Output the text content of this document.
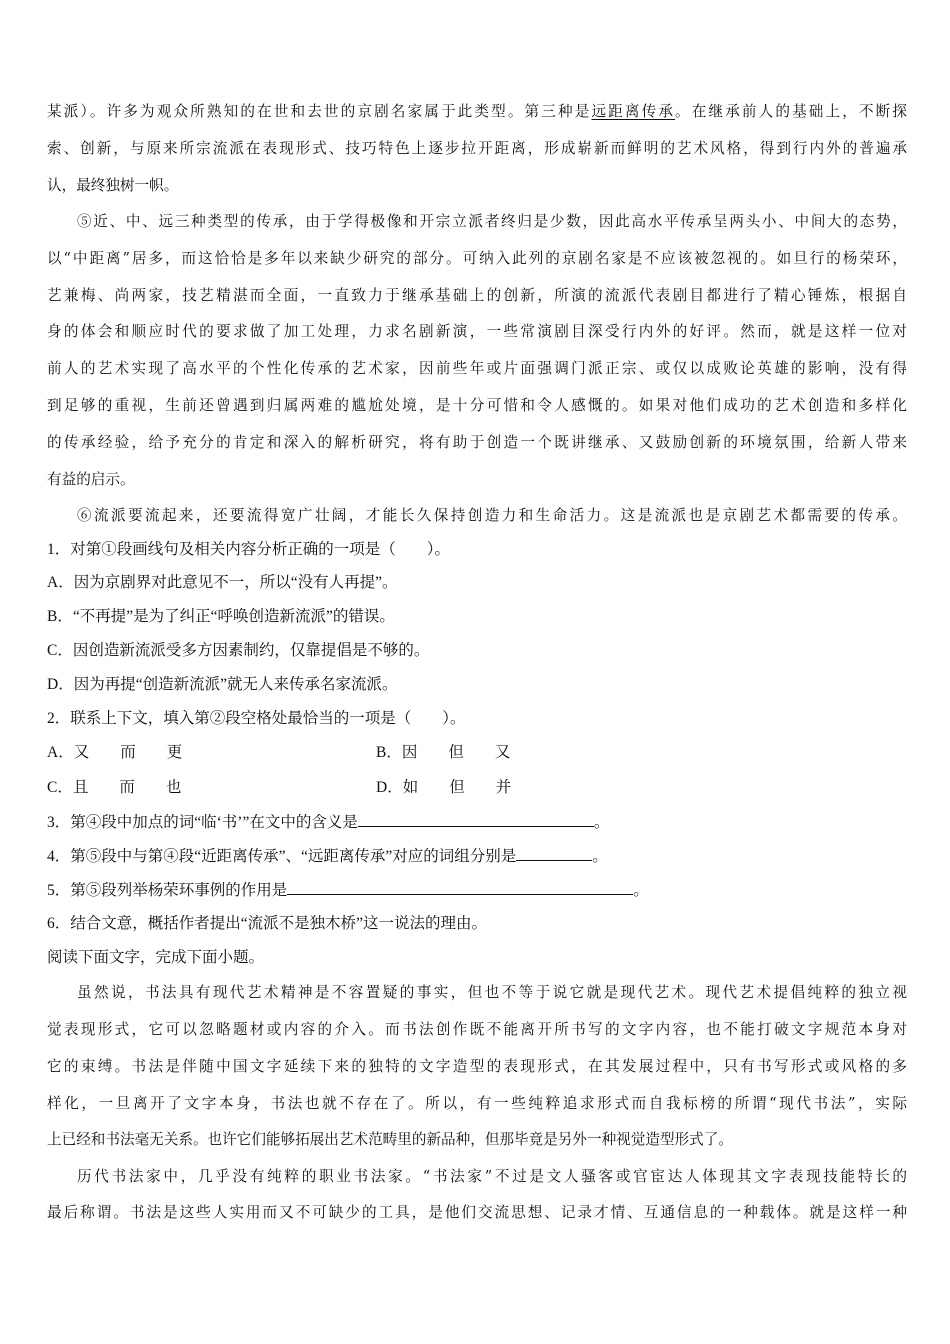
某派）。许多为观众所熟知的在世和去世的京剧名家属于此类型。第三种是远距离传承。在继承前人的基础上，不断探
索、创新，与原来所宗流派在表现形式、技巧特色上逐步拉开距离，形成崭新而鲜明的艺术风格，得到行内外的普遍承
认，最终独树一帜。
⑤近、中、远三种类型的传承，由于学得极像和开宗立派者终归是少数，因此高水平传承呈两头小、中间大的态势，
以“中距离”居多，而这恰恰是多年以来缺少研究的部分。可纳入此列的京剧名家是不应该被忽视的。如旦行的杨荣环，
艺兼梅、尚两家，技艺精湛而全面，一直致力于继承基础上的创新，所演的流派代表剧目都进行了精心锤炼，根据自
身的体会和顺应时代的要求做了加工处理，力求名剧新演，一些常演剧目深受行内外的好评。然而，就是这样一位对
前人的艺术实现了高水平的个性化传承的艺术家，因前些年或片面强调门派正宗、或仅以成败论英雄的影响，没有得
到足够的重视，生前还曾遇到归属两难的尴尬处境，是十分可惜和令人感慨的。如果对他们成功的艺术创造和多样化
的传承经验，给予充分的肯定和深入的解析研究，将有助于创造一个既讲继承、又鼓励创新的环境氛围，给新人带来
有益的启示。
⑥流派要流起来，还要流得宽广壮阔，才能长久保持创造力和生命活力。这是流派也是京剧艺术都需要的传承。
1．对第①段画线句及相关内容分析正确的一项是（　　）。
A．因为京剧界对此意见不一，所以“没有人再提”。
B．“不再提”是为了纠正“呼唤创造新流派”的错误。
C．因创造新流派受多方因素制约，仅靠提倡是不够的。
D．因为再提“创造新流派”就无人来传承名家流派。
2．联系上下文，填入第②段空格处最恰当的一项是（　　）。
A．又　　而　　更	B．因　　但　　又
C．且　　而　　也	D．如　　但　　并
3．第④段中加点的词“临‘书’”在文中的含义是	。
4．第⑤段中与第④段“近距离传承”、“远距离传承”对应的词组分别是	。
5．第⑤段列举杨荣环事例的作用是	。
6．结合文意，概括作者提出“流派不是独木桥”这一说法的理由。
阅读下面文字，完成下面小题。
虽然说，书法具有现代艺术精神是不容置疑的事实，但也不等于说它就是现代艺术。现代艺术提倡纯粹的独立视
觉表现形式，它可以忽略题材或内容的介入。而书法创作既不能离开所书写的文字内容，也不能打破文字规范本身对
它的束缚。书法是伴随中国文字延续下来的独特的文字造型的表现形式，在其发展过程中，只有书写形式或风格的多
样化，一旦离开了文字本身，书法也就不存在了。所以，有一些纯粹追求形式而自我标榜的所谓“现代书法”，实际
上已经和书法毫无关系。也许它们能够拓展出艺术范畴里的新品种，但那毕竟是另外一种视觉造型形式了。
历代书法家中，几乎没有纯粹的职业书法家。“书法家”不过是文人骚客或官宦达人体现其文字表现技能特长的
最后称谓。书法是这些人实用而又不可缺少的工具，是他们交流思想、记录才情、互通信息的一种载体。就是这样一种
